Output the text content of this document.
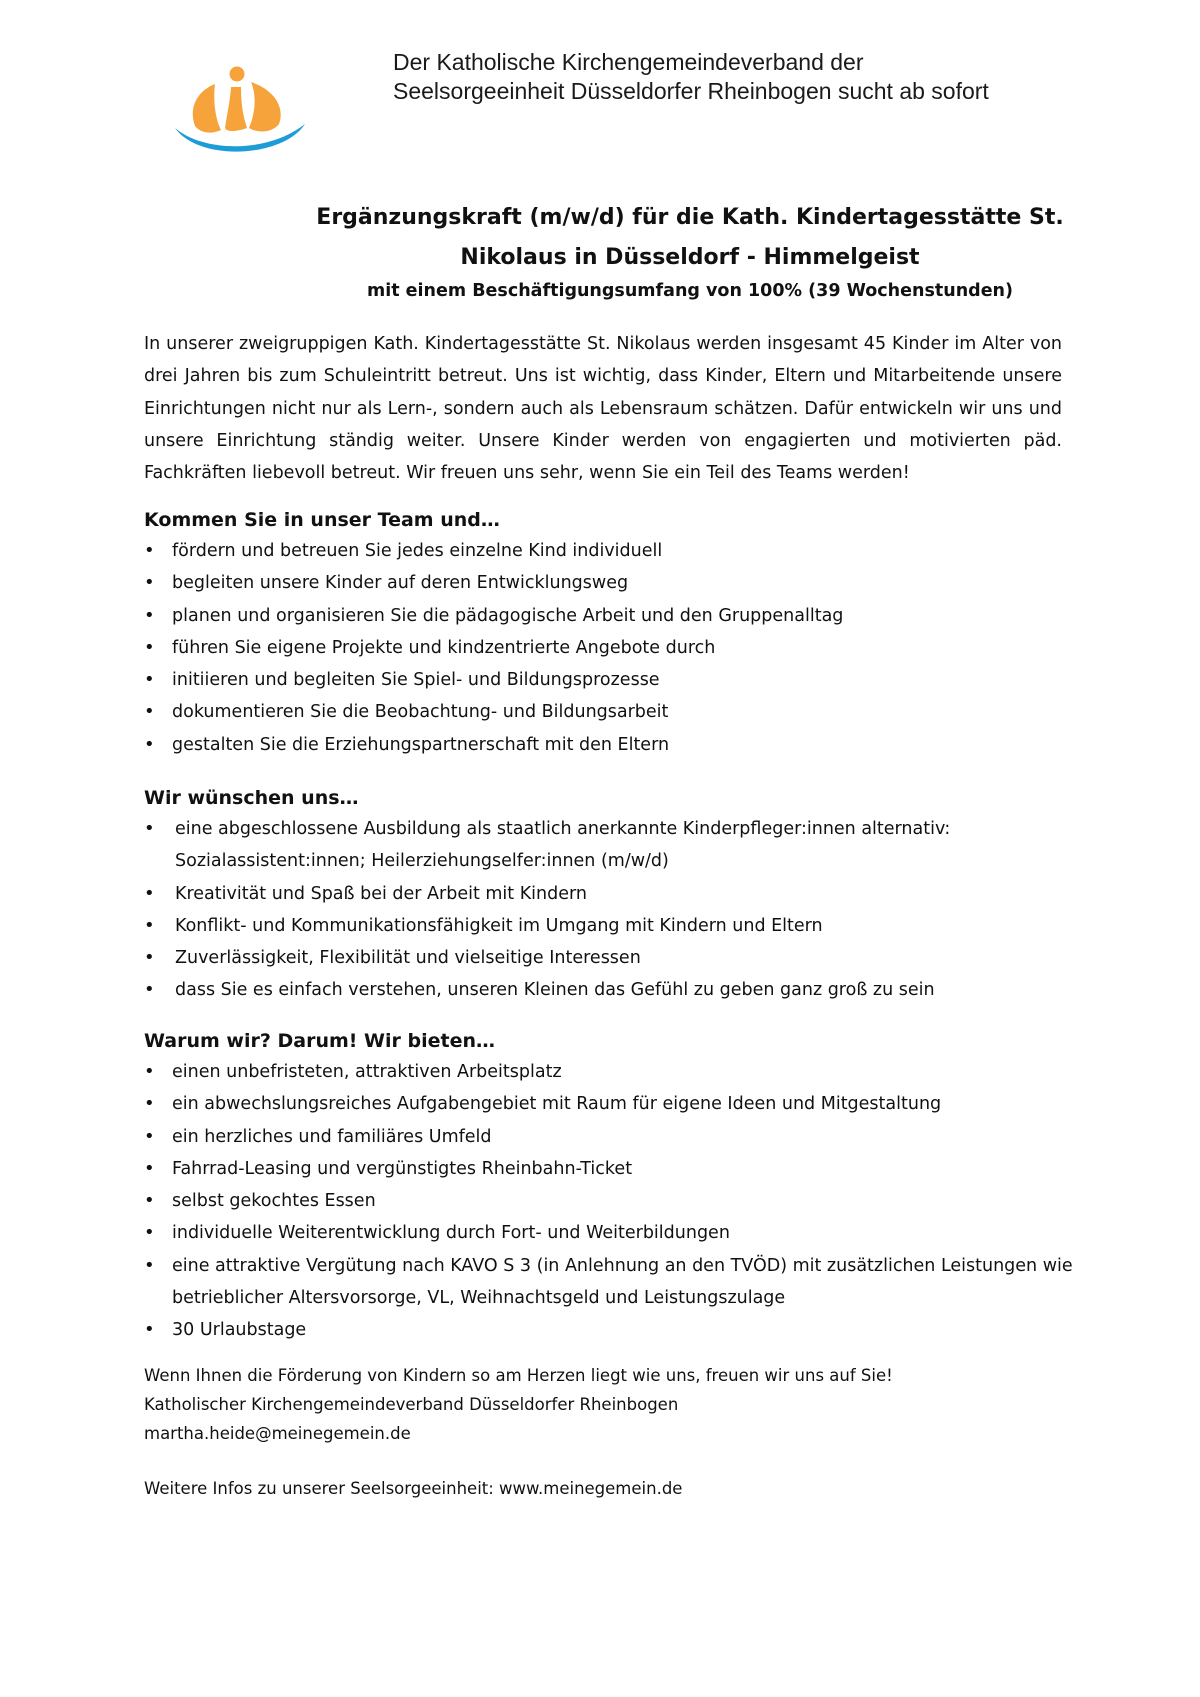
Der Katholische Kirchengemeindeverband der
Seelsorgeeinheit Düsseldorfer Rheinbogen sucht ab sofort
Ergänzungskraft (m/w/d) für die Kath. Kindertagesstätte St.
Nikolaus in Düsseldorf - Himmelgeist
mit einem Beschäftigungsumfang von 100% (39 Wochenstunden)

In unserer zweigruppigen Kath. Kindertagesstätte St. Nikolaus werden insgesamt 45 Kinder im Alter von drei Jahren bis zum Schuleintritt betreut. Uns ist wichtig, dass Kinder, Eltern und Mitarbeitende unsere Einrichtungen nicht nur als Lern-, sondern auch als Lebensraum schätzen. Dafür entwickeln wir uns und unsere Einrichtung ständig weiter. Unsere Kinder werden von engagierten und motivierten päd. Fachkräften liebevoll betreut. Wir freuen uns sehr, wenn Sie ein Teil des Teams werden!

Kommen Sie in unser Team und…
• fördern und betreuen Sie jedes einzelne Kind individuell
• begleiten unsere Kinder auf deren Entwicklungsweg
• planen und organisieren Sie die pädagogische Arbeit und den Gruppenalltag
• führen Sie eigene Projekte und kindzentrierte Angebote durch
• initiieren und begleiten Sie Spiel- und Bildungsprozesse
• dokumentieren Sie die Beobachtung- und Bildungsarbeit
• gestalten Sie die Erziehungspartnerschaft mit den Eltern
Wir wünschen uns…
• eine abgeschlossene Ausbildung als staatlich anerkannte Kinderpfleger:innen alternativ: Sozialassistent:innen; Heilerziehungselfer:innen (m/w/d)
• Kreativität und Spaß bei der Arbeit mit Kindern
• Konflikt- und Kommunikationsfähigkeit im Umgang mit Kindern und Eltern
• Zuverlässigkeit, Flexibilität und vielseitige Interessen
• dass Sie es einfach verstehen, unseren Kleinen das Gefühl zu geben ganz groß zu sein
Warum wir? Darum! Wir bieten…
• einen unbefristeten, attraktiven Arbeitsplatz
• ein abwechslungsreiches Aufgabengebiet mit Raum für eigene Ideen und Mitgestaltung
• ein herzliches und familiäres Umfeld
• Fahrrad-Leasing und vergünstigtes Rheinbahn-Ticket
• selbst gekochtes Essen
• individuelle Weiterentwicklung durch Fort- und Weiterbildungen
• eine attraktive Vergütung nach KAVO S 3 (in Anlehnung an den TVÖD) mit zusätzlichen Leistungen wie betrieblicher Altersvorsorge, VL, Weihnachtsgeld und Leistungszulage
• 30 Urlaubstage
Wenn Ihnen die Förderung von Kindern so am Herzen liegt wie uns, freuen wir uns auf Sie!
Katholischer Kirchengemeindeverband Düsseldorfer Rheinbogen
martha.heide@meinegemein.de
Weitere Infos zu unserer Seelsorgeeinheit: www.meinegemein.de
